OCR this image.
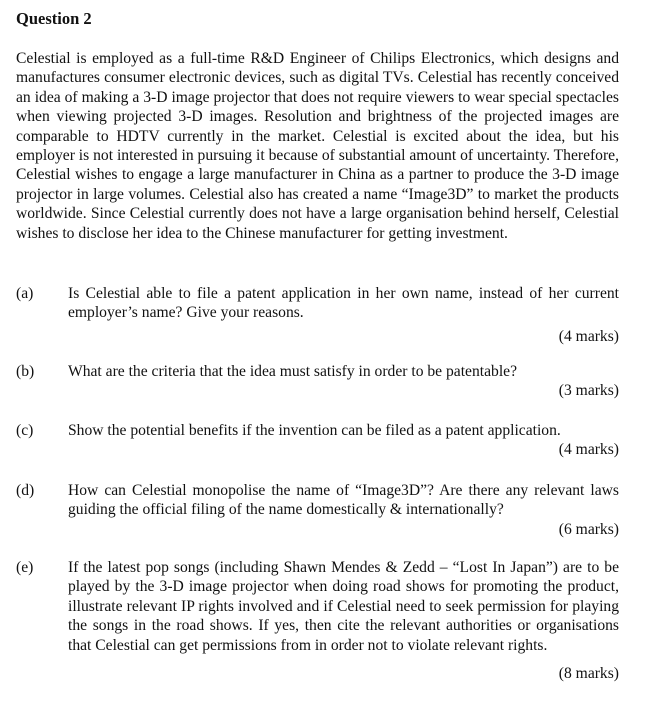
Question 2
Celestial is employed as a full-time R&D Engineer of Chilips Electronics, which designs and manufactures consumer electronic devices, such as digital TVs. Celestial has recently conceived an idea of making a 3-D image projector that does not require viewers to wear special spectacles when viewing projected 3-D images. Resolution and brightness of the projected images are comparable to HDTV currently in the market. Celestial is excited about the idea, but his employer is not interested in pursuing it because of substantial amount of uncertainty. Therefore, Celestial wishes to engage a large manufacturer in China as a partner to produce the 3-D image projector in large volumes. Celestial also has created a name “Image3D” to market the products worldwide. Since Celestial currently does not have a large organisation behind herself, Celestial wishes to disclose her idea to the Chinese manufacturer for getting investment.
(a) Is Celestial able to file a patent application in her own name, instead of her current employer’s name? Give your reasons.
(4 marks)
(b) What are the criteria that the idea must satisfy in order to be patentable?
(3 marks)
(c) Show the potential benefits if the invention can be filed as a patent application.
(4 marks)
(d) How can Celestial monopolise the name of “Image3D”? Are there any relevant laws guiding the official filing of the name domestically & internationally?
(6 marks)
(e) If the latest pop songs (including Shawn Mendes & Zedd – “Lost In Japan”) are to be played by the 3-D image projector when doing road shows for promoting the product, illustrate relevant IP rights involved and if Celestial need to seek permission for playing the songs in the road shows. If yes, then cite the relevant authorities or organisations that Celestial can get permissions from in order not to violate relevant rights.
(8 marks)
